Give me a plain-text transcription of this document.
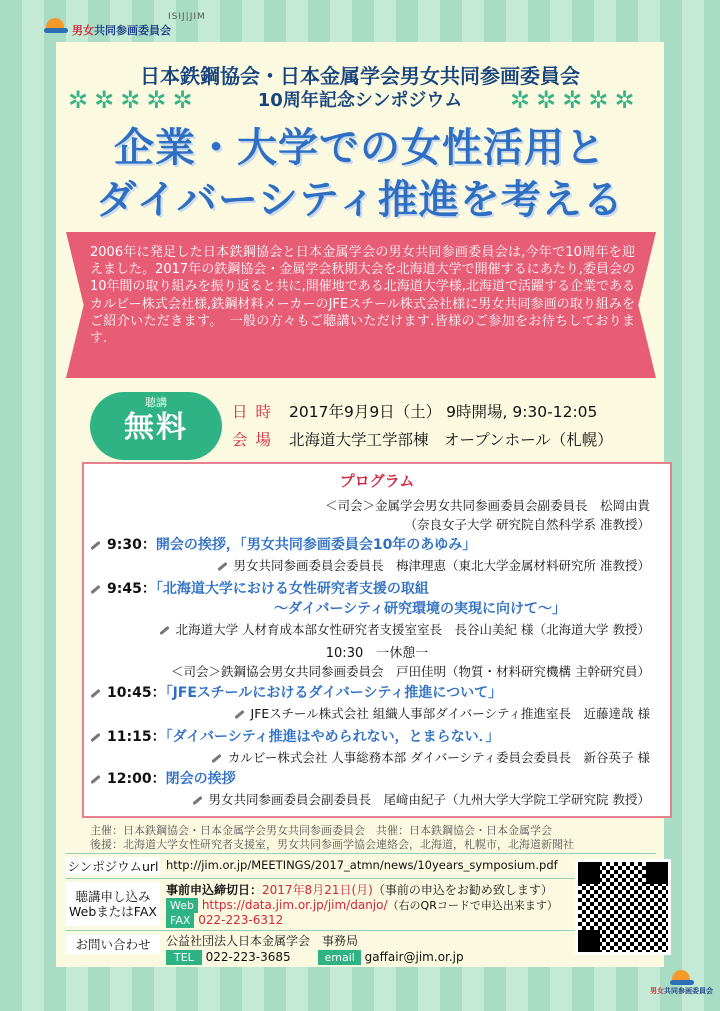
ISIJ|JIM
男女共同参画委員会
日本鉄鋼協会・日本金属学会男女共同参画委員会
10周年記念シンポジウム
✲✲✲✲✲	✲✲✲✲✲
企業・大学での女性活用と
ダイバーシティ推進を考える
2006年に発足した日本鉄鋼協会と日本金属学会の男女共同参画委員会は,今年で10周年を迎えました。2017年の鉄鋼協会・金属学会秋期大会を北海道大学で開催するにあたり,委員会の10年間の取り組みを振り返ると共に,開催地である北海道大学様,北海道で活躍する企業であるカルビー株式会社様,鉄鋼材料メーカーのJFEスチール株式会社様に男女共同参画の取り組みをご紹介いただきます。　一般の方々もご聴講いただけます.皆様のご参加をお待ちしております.
聴講
無料	日時 2017年9月9日（土） 9時開場, 9:30-12:05
会場 北海道大学工学部棟　オープンホール（札幌）
プログラム
＜司会＞金属学会男女共同参画委員会副委員長　松岡由貴
（奈良女子大学 研究院自然科学系 准教授）
9:30：開会の挨拶，「男女共同参画委員会10年のあゆみ」
男女共同参画委員会委員長　梅津理恵（東北大学金属材料研究所 准教授）
9:45：「北海道大学における女性研究者支援の取組
～ダイバーシティ研究環境の実現に向けて～」
北海道大学 人材育成本部女性研究者支援室室長　長谷山美紀 様（北海道大学 教授）
10:30　一休憩一
＜司会＞鉄鋼協会男女共同参画委員会　戸田佳明（物質・材料研究機構 主幹研究員）
10:45：「JFEスチールにおけるダイバーシティ推進について」
JFEスチール株式会社 組織人事部ダイバーシティ推進室長　近藤達哉 様
11:15：「ダイバーシティ推進はやめられない，とまらない．」
カルビー株式会社 人事総務本部 ダイバーシティ委員会委員長　新谷英子 様
12:00：閉会の挨拶
男女共同参画委員会副委員長　尾﨑由紀子（九州大学大学院工学研究院 教授）
主催：日本鉄鋼協会・日本金属学会男女共同参画委員会　共催：日本鉄鋼協会・日本金属学会
後援：北海道大学女性研究者支援室，男女共同参画学協会連絡会，北海道，札幌市，北海道新聞社
シンポジウムurl http://jim.or.jp/MEETINGS/2017_atmn/news/10years_symposium.pdf
聴講申し込み
WebまたはFAX
事前申込締切日：2017年8月21日(月)（事前の申込をお勧め致します）
Web https://data.jim.or.jp/jim/danjo/（右のQRコードで申込出来ます）
FAX 022-223-6312
お問い合わせ	公益社団法人日本金属学会　事務局
TEL 022-223-3685	email gaffair@jim.or.jp
男女共同参画委員会
